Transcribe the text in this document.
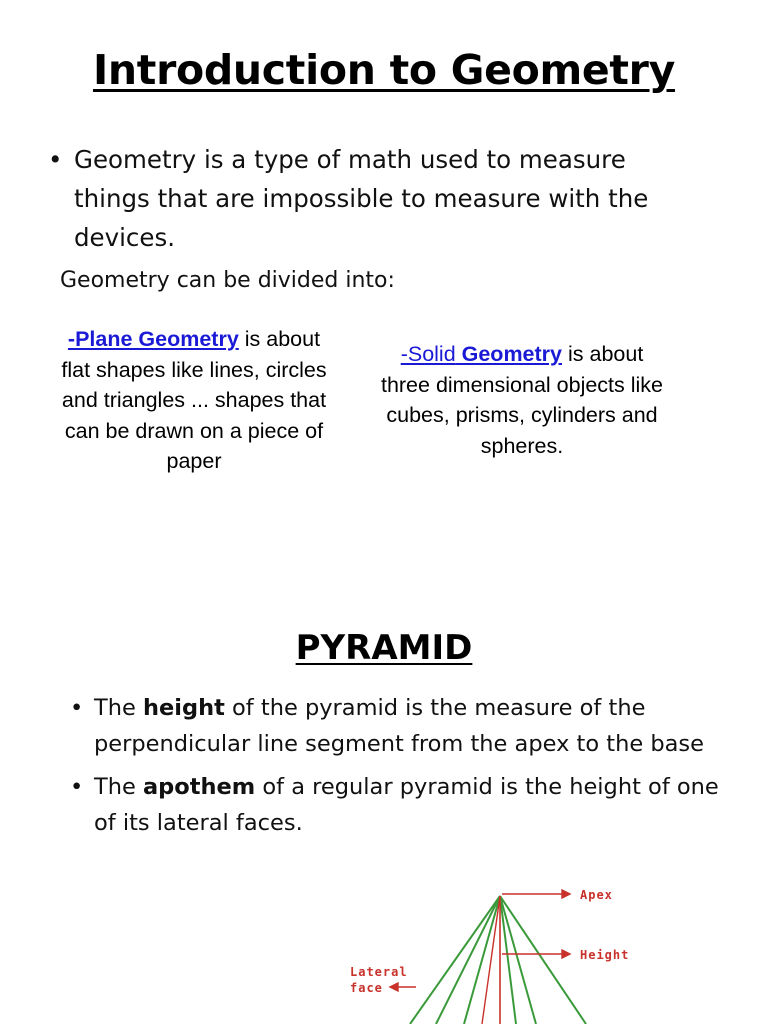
Introduction to Geometry
• Geometry is a type of math used to measure things that are impossible to measure with the devices.
Geometry can be divided into:
-Plane Geometry is about flat shapes like lines, circles and triangles ... shapes that can be drawn on a piece of paper
-Solid Geometry is about three dimensional objects like cubes, prisms, cylinders and spheres.
PYRAMID
• The height of the pyramid is the measure of the perpendicular line segment from the apex to the base
• The apothem of a regular pyramid is the height of one of its lateral faces.
Apex
Height
Lateral
face
